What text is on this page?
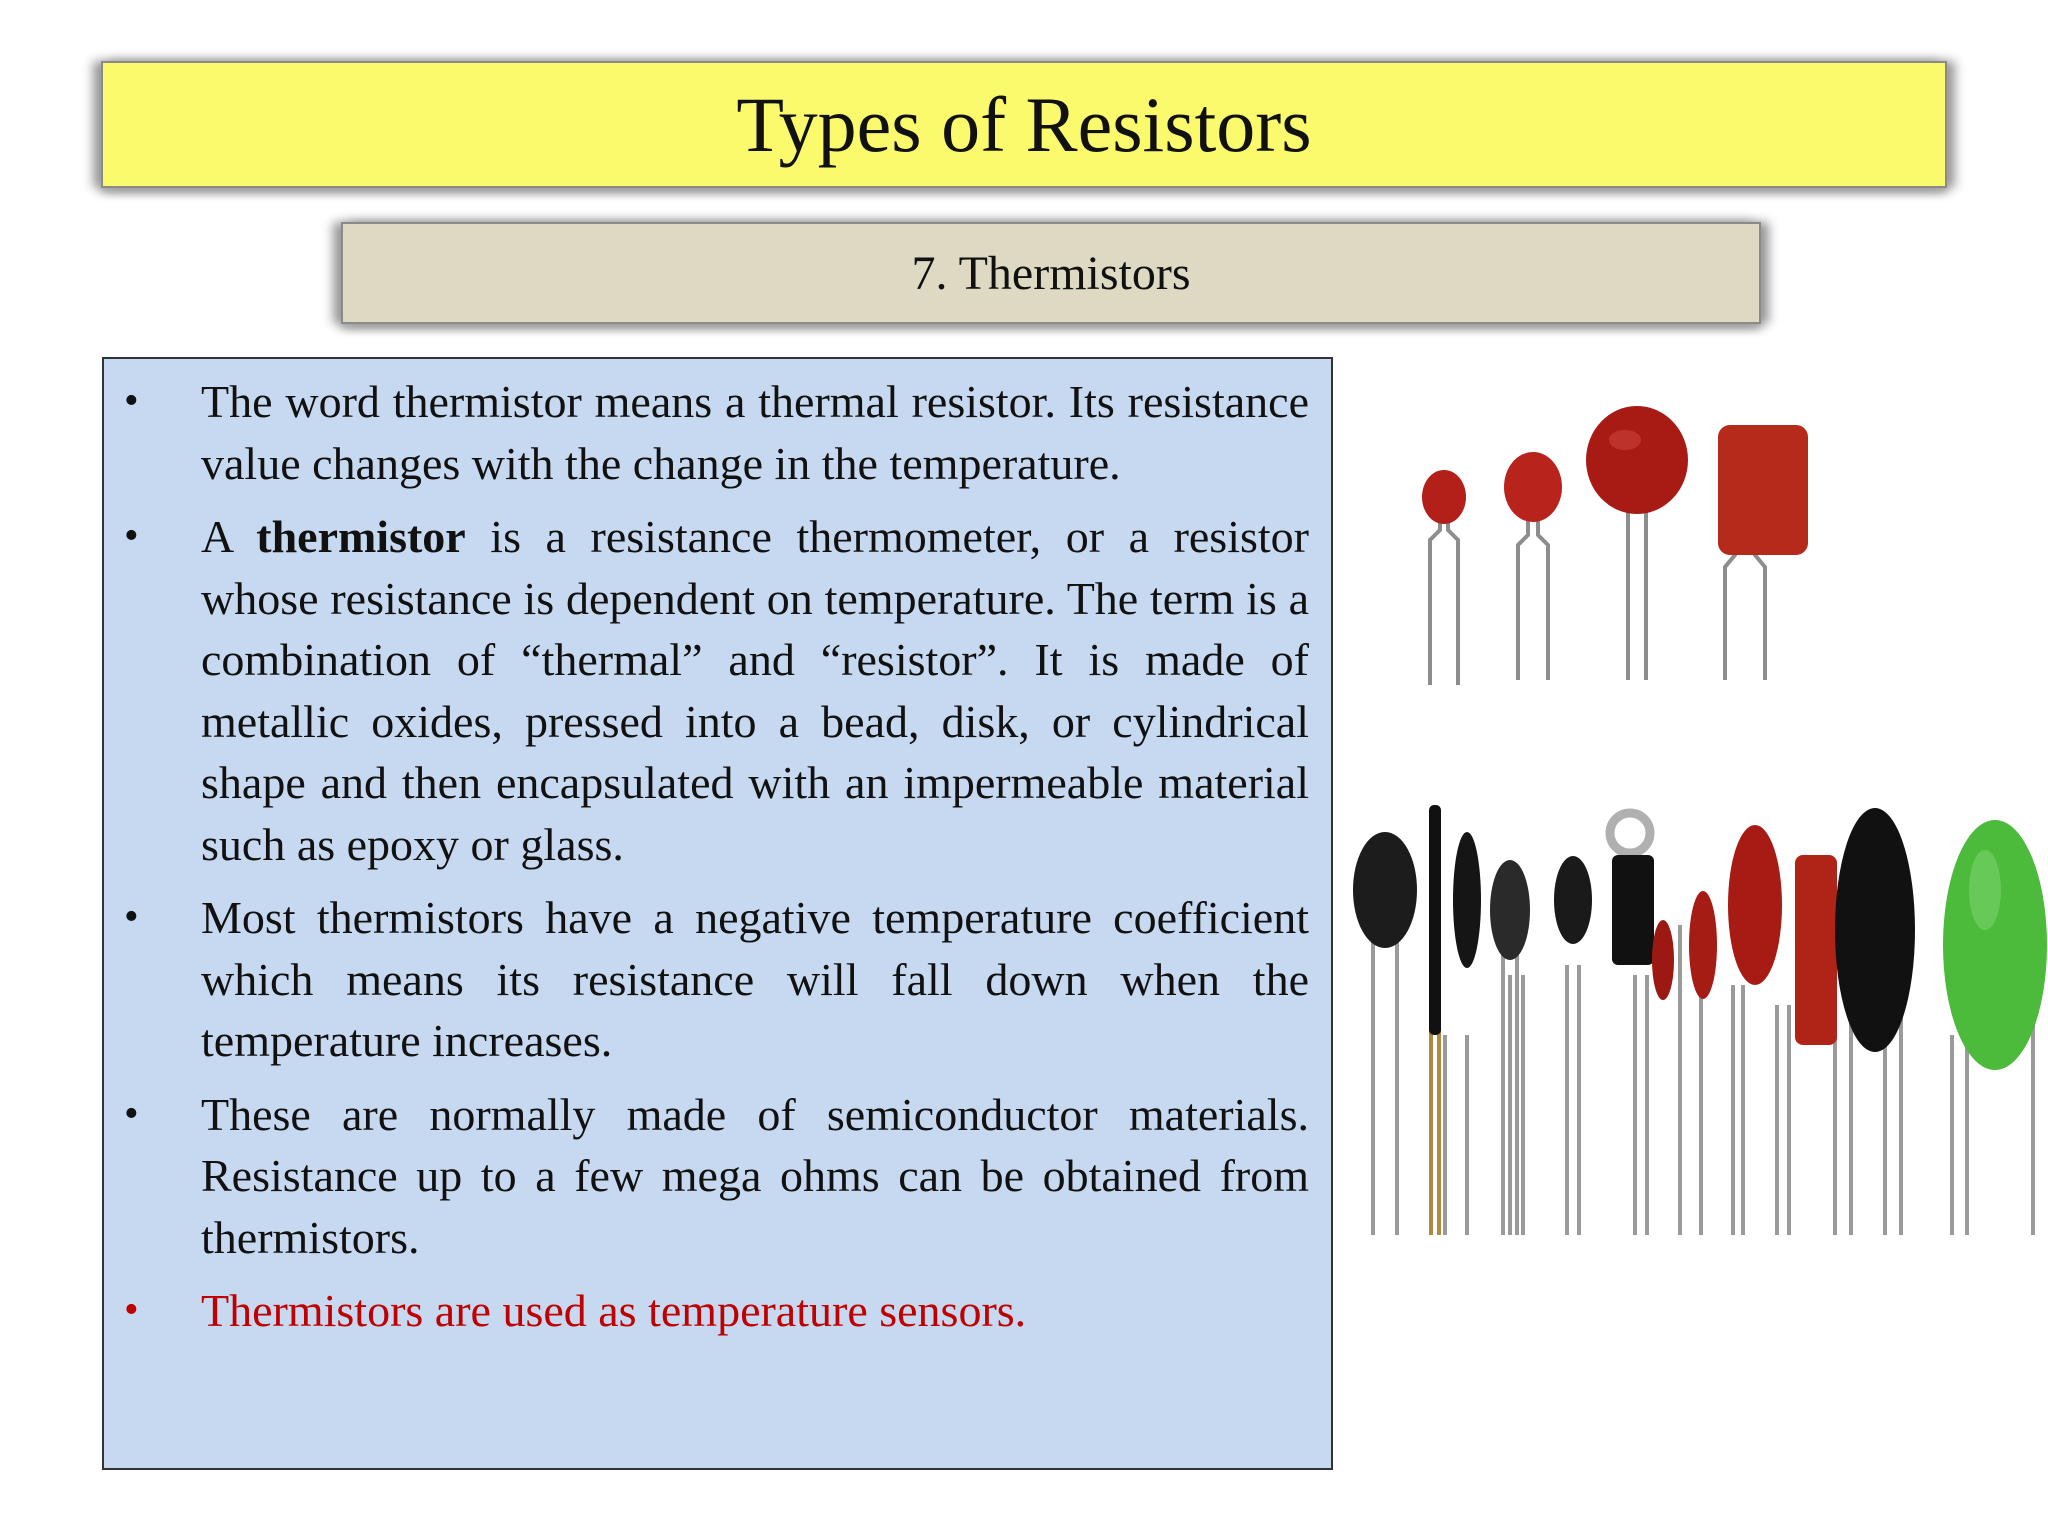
Types of Resistors
7. Thermistors
•	The word thermistor means a thermal resistor. Its resistance value changes with the change in the temperature.
•	A thermistor is a resistance thermometer, or a resistor whose resistance is dependent on temperature. The term is a combination of “thermal” and “resistor”. It is made of metallic oxides, pressed into a bead, disk, or cylindrical shape and then encapsulated with an impermeable material such as epoxy or glass.
•	Most thermistors have a negative temperature coefficient which means its resistance will fall down when the temperature increases.
•	These are normally made of semiconductor materials. Resistance up to a few mega ohms can be obtained from thermistors.
•	Thermistors are used as temperature sensors.
